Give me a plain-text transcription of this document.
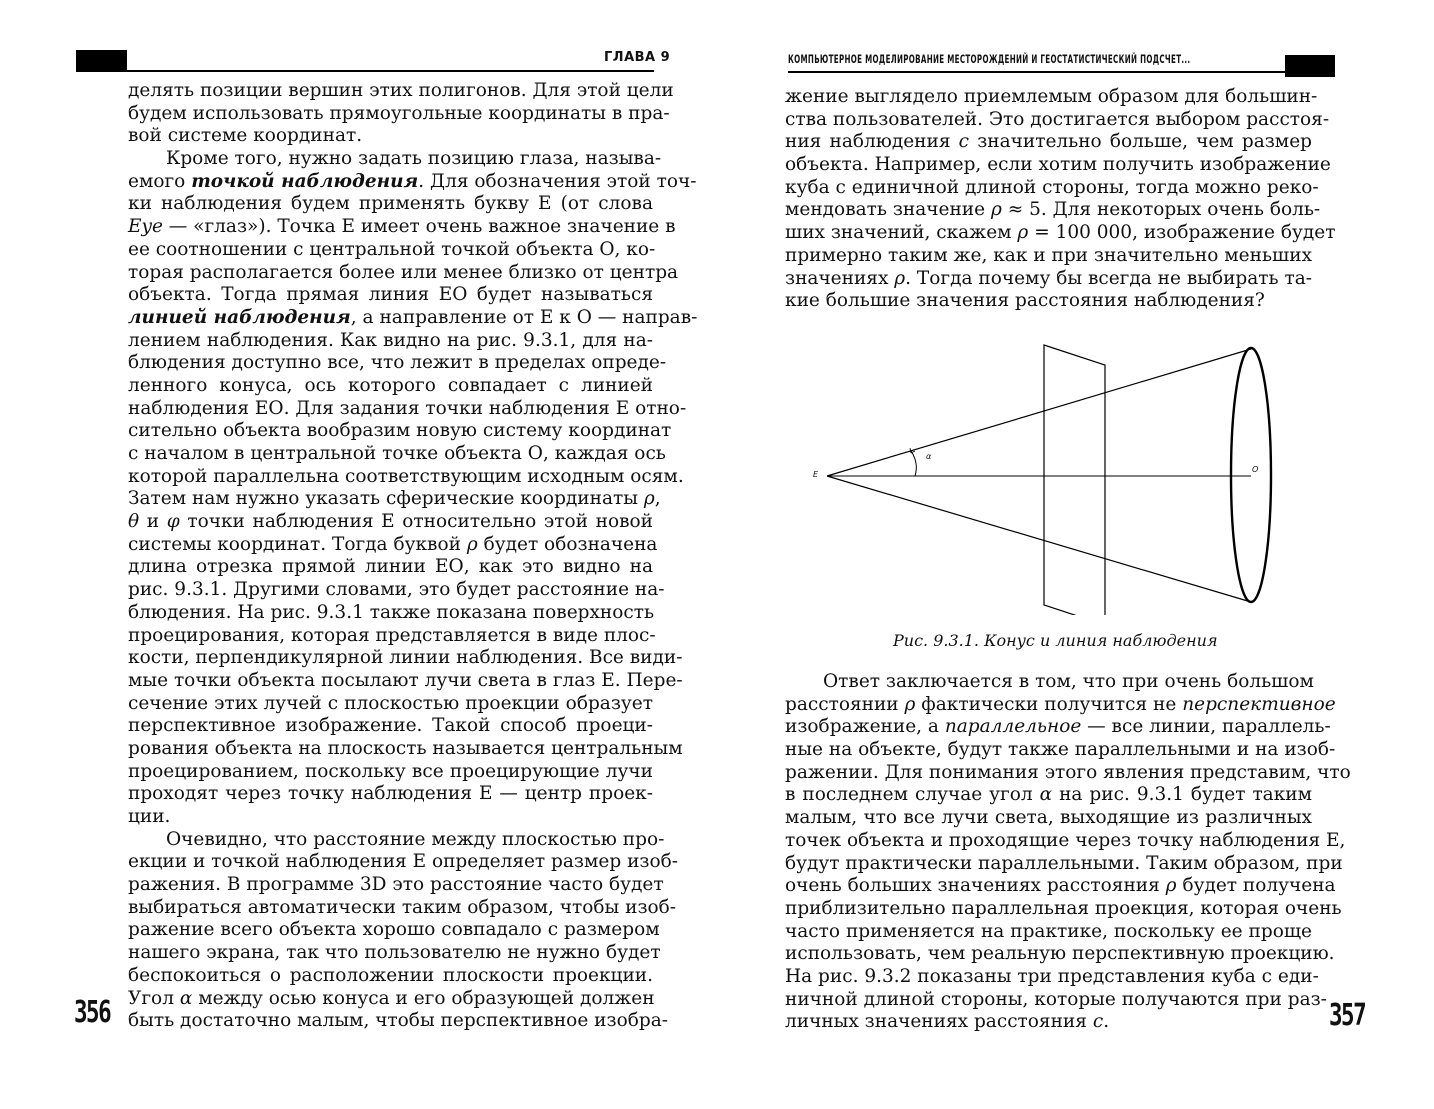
ГЛАВА 9
356
делять позиции вершин этих полигонов. Для этой цели
будем использовать прямоугольные координаты в пра-
вой системе координат.
Кроме того, нужно задать позицию глаза, называ-
емого точкой наблюдения. Для обозначения этой точ-
ки наблюдения будем применять букву Е (от слова
Eye — «глаз»). Точка Е имеет очень важное значение в
ее соотношении с центральной точкой объекта О, ко-
торая располагается более или менее близко от центра
объекта. Тогда прямая линия ЕО будет называться
линией наблюдения, а направление от Е к О — направ-
лением наблюдения. Как видно на рис. 9.3.1, для на-
блюдения доступно все, что лежит в пределах опреде-
ленного конуса, ось которого совпадает с линией
наблюдения ЕО. Для задания точки наблюдения Е отно-
сительно объекта вообразим новую систему координат
с началом в центральной точке объекта О, каждая ось
которой параллельна соответствующим исходным осям.
Затем нам нужно указать сферические координаты ρ,
θ и φ точки наблюдения Е относительно этой новой
системы координат. Тогда буквой ρ будет обозначена
длина отрезка прямой линии ЕО, как это видно на
рис. 9.3.1. Другими словами, это будет расстояние на-
блюдения. На рис. 9.3.1 также показана поверхность
проецирования, которая представляется в виде плос-
кости, перпендикулярной линии наблюдения. Все види-
мые точки объекта посылают лучи света в глаз Е. Пере-
сечение этих лучей с плоскостью проекции образует
перспективное изображение. Такой способ проеци-
рования объекта на плоскость называется центральным
проецированием, поскольку все проецирующие лучи
проходят через точку наблюдения Е — центр проек-
ции.
Очевидно, что расстояние между плоскостью про-
екции и точкой наблюдения Е определяет размер изоб-
ражения. В программе 3D это расстояние часто будет
выбираться автоматически таким образом, чтобы изоб-
ражение всего объекта хорошо совпадало с размером
нашего экрана, так что пользователю не нужно будет
беспокоиться о расположении плоскости проекции.
Угол α между осью конуса и его образующей должен
быть достаточно малым, чтобы перспективное изобра-
КОМПЬЮТЕРНОЕ МОДЕЛИРОВАНИЕ МЕСТОРОЖДЕНИЙ И ГЕОСТАТИСТИЧЕСКИЙ ПОДСЧЕТ...
357
жение выглядело приемлемым образом для большин-
ства пользователей. Это достигается выбором расстоя-
ния наблюдения c значительно больше, чем размер
объекта. Например, если хотим получить изображение
куба с единичной длиной стороны, тогда можно реко-
мендовать значение ρ ≈ 5. Для некоторых очень боль-
ших значений, скажем ρ = 100 000, изображение будет
примерно таким же, как и при значительно меньших
значениях ρ. Тогда почему бы всегда не выбирать та-
кие большие значения расстояния наблюдения?
E
α
O
Рис. 9.3.1. Конус и линия наблюдения
Ответ заключается в том, что при очень большом
расстоянии ρ фактически получится не перспективное
изображение, а параллельное — все линии, параллель-
ные на объекте, будут также параллельными и на изоб-
ражении. Для понимания этого явления представим, что
в последнем случае угол α на рис. 9.3.1 будет таким
малым, что все лучи света, выходящие из различных
точек объекта и проходящие через точку наблюдения Е,
будут практически параллельными. Таким образом, при
очень больших значениях расстояния ρ будет получена
приблизительно параллельная проекция, которая очень
часто применяется на практике, поскольку ее проще
использовать, чем реальную перспективную проекцию.
На рис. 9.3.2 показаны три представления куба с еди-
ничной длиной стороны, которые получаются при раз-
личных значениях расстояния c.
